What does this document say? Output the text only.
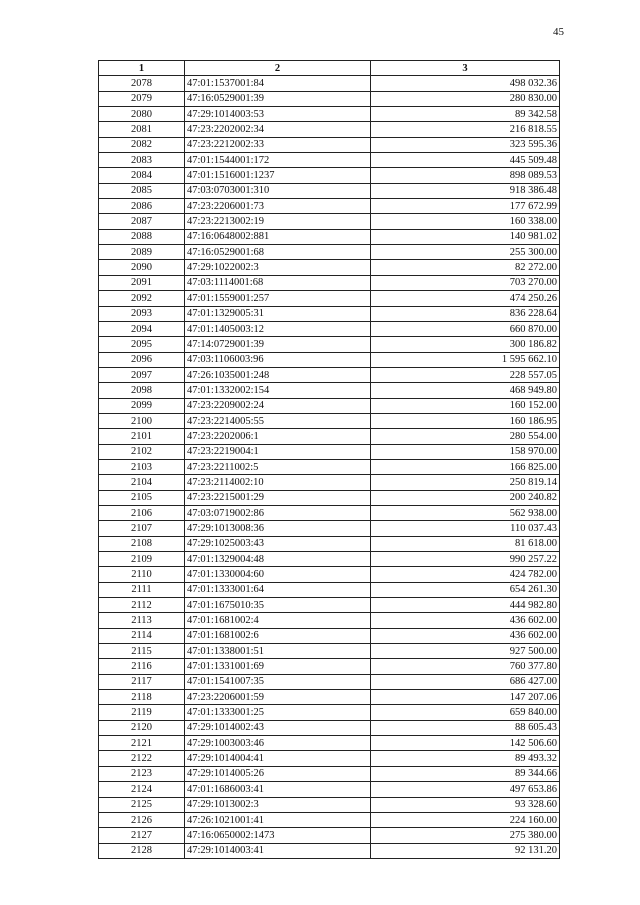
45
1	2	3
2078	47:01:1537001:84	498 032.36
2079	47:16:0529001:39	280 830.00
2080	47:29:1014003:53	89 342.58
2081	47:23:2202002:34	216 818.55
2082	47:23:2212002:33	323 595.36
2083	47:01:1544001:172	445 509.48
2084	47:01:1516001:1237	898 089.53
2085	47:03:0703001:310	918 386.48
2086	47:23:2206001:73	177 672.99
2087	47:23:2213002:19	160 338.00
2088	47:16:0648002:881	140 981.02
2089	47:16:0529001:68	255 300.00
2090	47:29:1022002:3	82 272.00
2091	47:03:1114001:68	703 270.00
2092	47:01:1559001:257	474 250.26
2093	47:01:1329005:31	836 228.64
2094	47:01:1405003:12	660 870.00
2095	47:14:0729001:39	300 186.82
2096	47:03:1106003:96	1 595 662.10
2097	47:26:1035001:248	228 557.05
2098	47:01:1332002:154	468 949.80
2099	47:23:2209002:24	160 152.00
2100	47:23:2214005:55	160 186.95
2101	47:23:2202006:1	280 554.00
2102	47:23:2219004:1	158 970.00
2103	47:23:2211002:5	166 825.00
2104	47:23:2114002:10	250 819.14
2105	47:23:2215001:29	200 240.82
2106	47:03:0719002:86	562 938.00
2107	47:29:1013008:36	110 037.43
2108	47:29:1025003:43	81 618.00
2109	47:01:1329004:48	990 257.22
2110	47:01:1330004:60	424 782.00
2111	47:01:1333001:64	654 261.30
2112	47:01:1675010:35	444 982.80
2113	47:01:1681002:4	436 602.00
2114	47:01:1681002:6	436 602.00
2115	47:01:1338001:51	927 500.00
2116	47:01:1331001:69	760 377.80
2117	47:01:1541007:35	686 427.00
2118	47:23:2206001:59	147 207.06
2119	47:01:1333001:25	659 840.00
2120	47:29:1014002:43	88 605.43
2121	47:29:1003003:46	142 506.60
2122	47:29:1014004:41	89 493.32
2123	47:29:1014005:26	89 344.66
2124	47:01:1686003:41	497 653.86
2125	47:29:1013002:3	93 328.60
2126	47:26:1021001:41	224 160.00
2127	47:16:0650002:1473	275 380.00
2128	47:29:1014003:41	92 131.20
